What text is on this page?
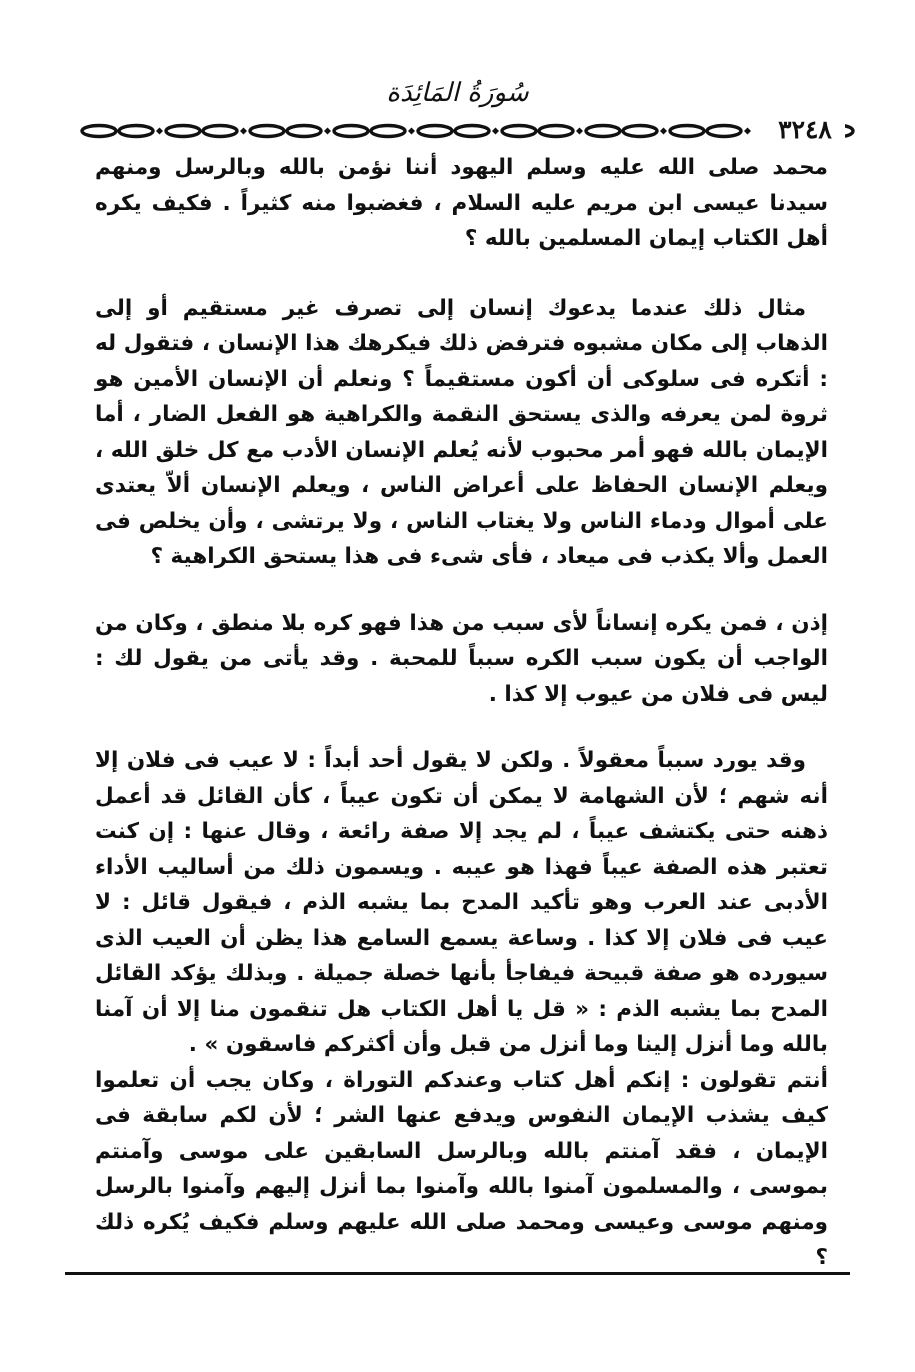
سُورَةُ المَائِدَة
٣٢٤٨

محمد صلى الله عليه وسلم اليهود أننا نؤمن بالله وبالرسل ومنهم سيدنا عيسى ابن مريم عليه السلام ، فغضبوا منه كثيراً . فكيف يكره أهل الكتاب إيمان المسلمين بالله ؟

مثال ذلك عندما يدعوك إنسان إلى تصرف غير مستقيم أو إلى الذهاب إلى مكان مشبوه فترفض ذلك فيكرهك هذا الإنسان ، فتقول له : أتكره فى سلوكى أن أكون مستقيماً ؟ ونعلم أن الإنسان الأمين هو ثروة لمن يعرفه والذى يستحق النقمة والكراهية هو الفعل الضار ، أما الإيمان بالله فهو أمر محبوب لأنه يُعلم الإنسان الأدب مع كل خلق الله ، ويعلم الإنسان الحفاظ على أعراض الناس ، ويعلم الإنسان ألاّ يعتدى على أموال ودماء الناس ولا يغتاب الناس ، ولا يرتشى ، وأن يخلص فى العمل وألا يكذب فى ميعاد ، فأى شىء فى هذا يستحق الكراهية ؟

إذن ، فمن يكره إنساناً لأى سبب من هذا فهو كره بلا منطق ، وكان من الواجب أن يكون سبب الكره سبباً للمحبة . وقد يأتى من يقول لك : ليس فى فلان من عيوب إلا كذا .

وقد يورد سبباً معقولاً . ولكن لا يقول أحد أبداً : لا عيب فى فلان إلا أنه شهم ؛ لأن الشهامة لا يمكن أن تكون عيباً ، كأن القائل قد أعمل ذهنه حتى يكتشف عيباً ، لم يجد إلا صفة رائعة ، وقال عنها : إن كنت تعتبر هذه الصفة عيباً فهذا هو عيبه . ويسمون ذلك من أساليب الأداء الأدبى عند العرب وهو تأكيد المدح بما يشبه الذم ، فيقول قائل : لا عيب فى فلان إلا كذا . وساعة يسمع السامع هذا يظن أن العيب الذى سيورده هو صفة قبيحة فيفاجأ بأنها خصلة جميلة . وبذلك يؤكد القائل المدح بما يشبه الذم : « قل يا أهل الكتاب هل تنقمون منا إلا أن آمنا بالله وما أنزل إلينا وما أنزل من قبل وأن أكثركم فاسقون » .

أنتم تقولون : إنكم أهل كتاب وعندكم التوراة ، وكان يجب أن تعلموا كيف يشذب الإيمان النفوس ويدفع عنها الشر ؛ لأن لكم سابقة فى الإيمان ، فقد آمنتم بالله وبالرسل السابقين على موسى وآمنتم بموسى ، والمسلمون آمنوا بالله وآمنوا بما أنزل إليهم وآمنوا بالرسل ومنهم موسى وعيسى ومحمد صلى الله عليهم وسلم فكيف يُكره ذلك ؟
